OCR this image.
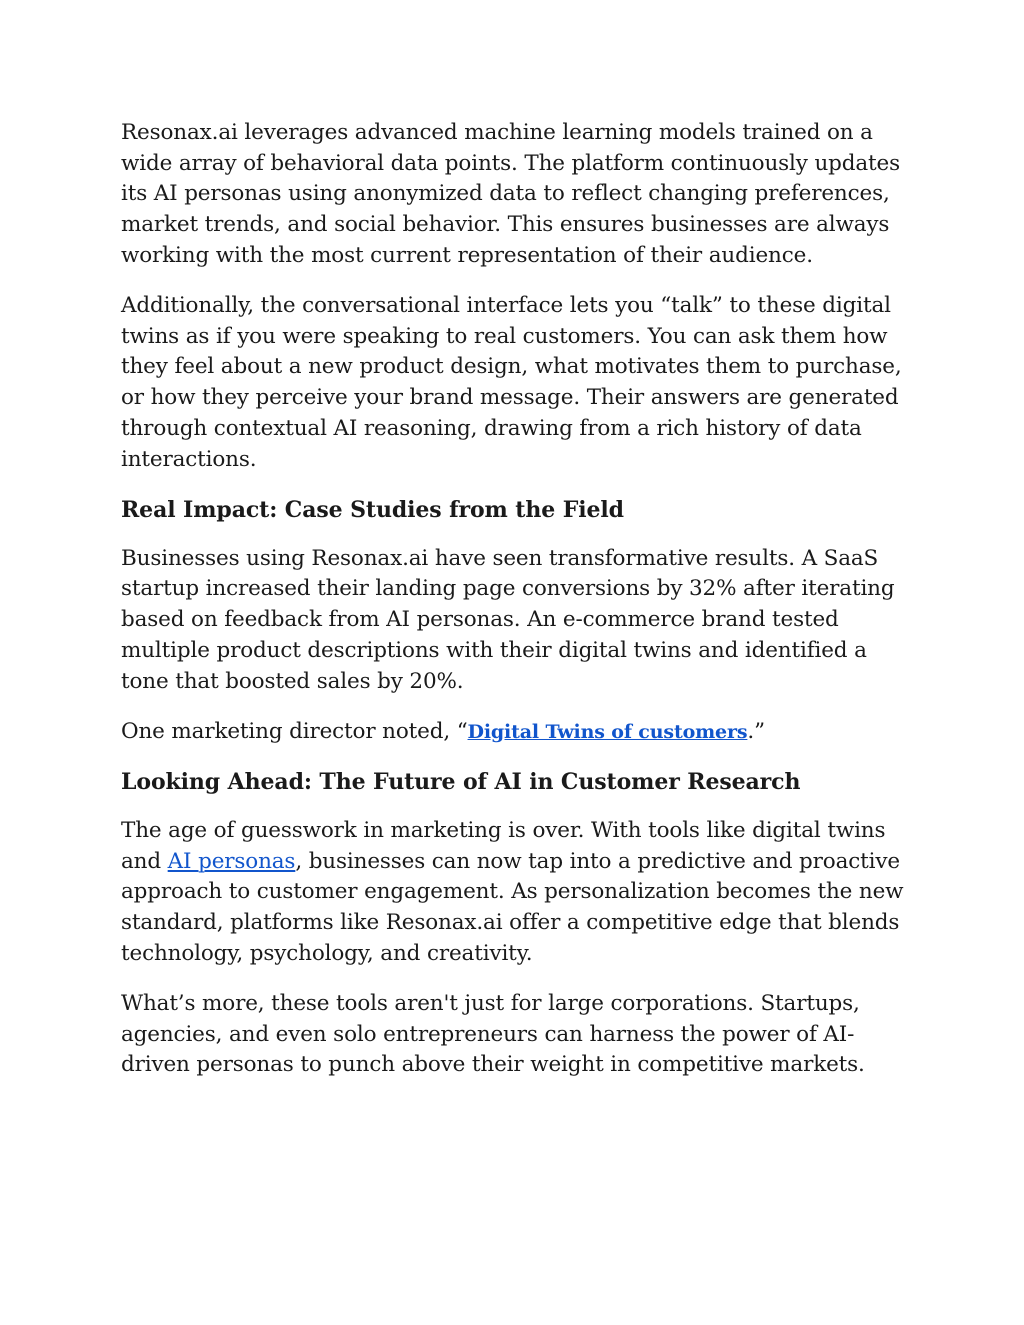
Resonax.ai leverages advanced machine learning models trained on a wide array of behavioral data points. The platform continuously updates its AI personas using anonymized data to reflect changing preferences, market trends, and social behavior. This ensures businesses are always working with the most current representation of their audience.

Additionally, the conversational interface lets you “talk” to these digital twins as if you were speaking to real customers. You can ask them how they feel about a new product design, what motivates them to purchase, or how they perceive your brand message. Their answers are generated through contextual AI reasoning, drawing from a rich history of data interactions.

Real Impact: Case Studies from the Field

Businesses using Resonax.ai have seen transformative results. A SaaS startup increased their landing page conversions by 32% after iterating based on feedback from AI personas. An e-commerce brand tested multiple product descriptions with their digital twins and identified a tone that boosted sales by 20%.

One marketing director noted, “Digital Twins of customers.”

Looking Ahead: The Future of AI in Customer Research

The age of guesswork in marketing is over. With tools like digital twins and AI personas, businesses can now tap into a predictive and proactive approach to customer engagement. As personalization becomes the new standard, platforms like Resonax.ai offer a competitive edge that blends technology, psychology, and creativity.

What’s more, these tools aren't just for large corporations. Startups, agencies, and even solo entrepreneurs can harness the power of AI-driven personas to punch above their weight in competitive markets.
